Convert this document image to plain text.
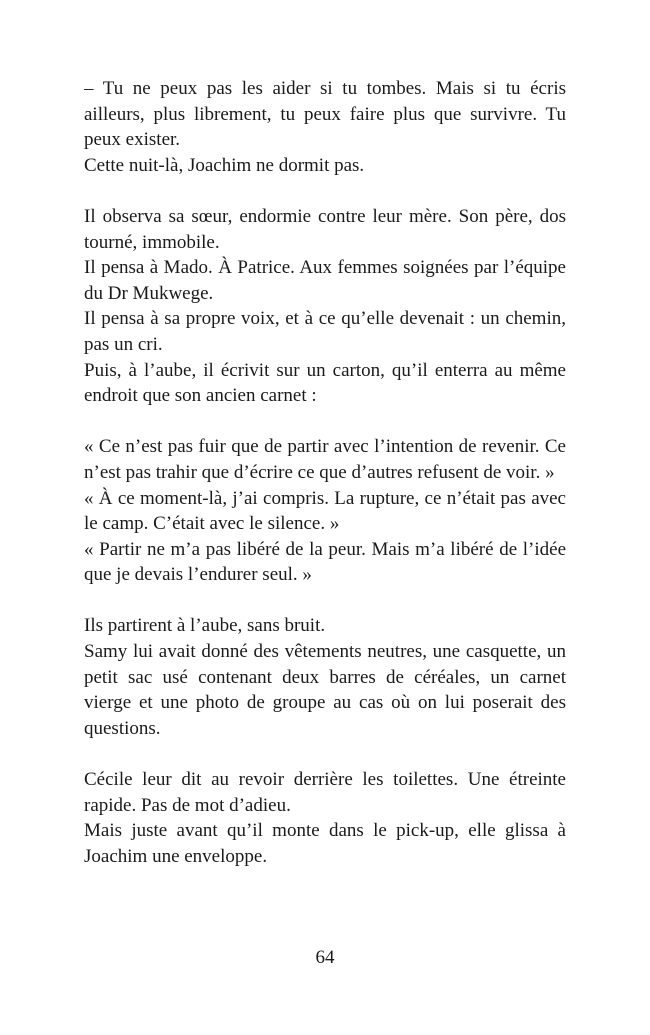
– Tu ne peux pas les aider si tu tombes. Mais si tu écris ailleurs, plus librement, tu peux faire plus que survivre. Tu peux exister.

Cette nuit-là, Joachim ne dormit pas.

Il observa sa sœur, endormie contre leur mère. Son père, dos tourné, immobile.

Il pensa à Mado. À Patrice. Aux femmes soignées par l’équipe du Dr Mukwege.

Il pensa à sa propre voix, et à ce qu’elle devenait : un chemin, pas un cri.

Puis, à l’aube, il écrivit sur un carton, qu’il enterra au même endroit que son ancien carnet :

« Ce n’est pas fuir que de partir avec l’intention de revenir. Ce n’est pas trahir que d’écrire ce que d’autres refusent de voir. »

« À ce moment-là, j’ai compris. La rupture, ce n’était pas avec le camp. C’était avec le silence. »

« Partir ne m’a pas libéré de la peur. Mais m’a libéré de l’idée que je devais l’endurer seul. »

Ils partirent à l’aube, sans bruit.

Samy lui avait donné des vêtements neutres, une casquette, un petit sac usé contenant deux barres de céréales, un carnet vierge et une photo de groupe au cas où on lui poserait des questions.

Cécile leur dit au revoir derrière les toilettes. Une étreinte rapide. Pas de mot d’adieu.

Mais juste avant qu’il monte dans le pick-up, elle glissa à Joachim une enveloppe.

64
